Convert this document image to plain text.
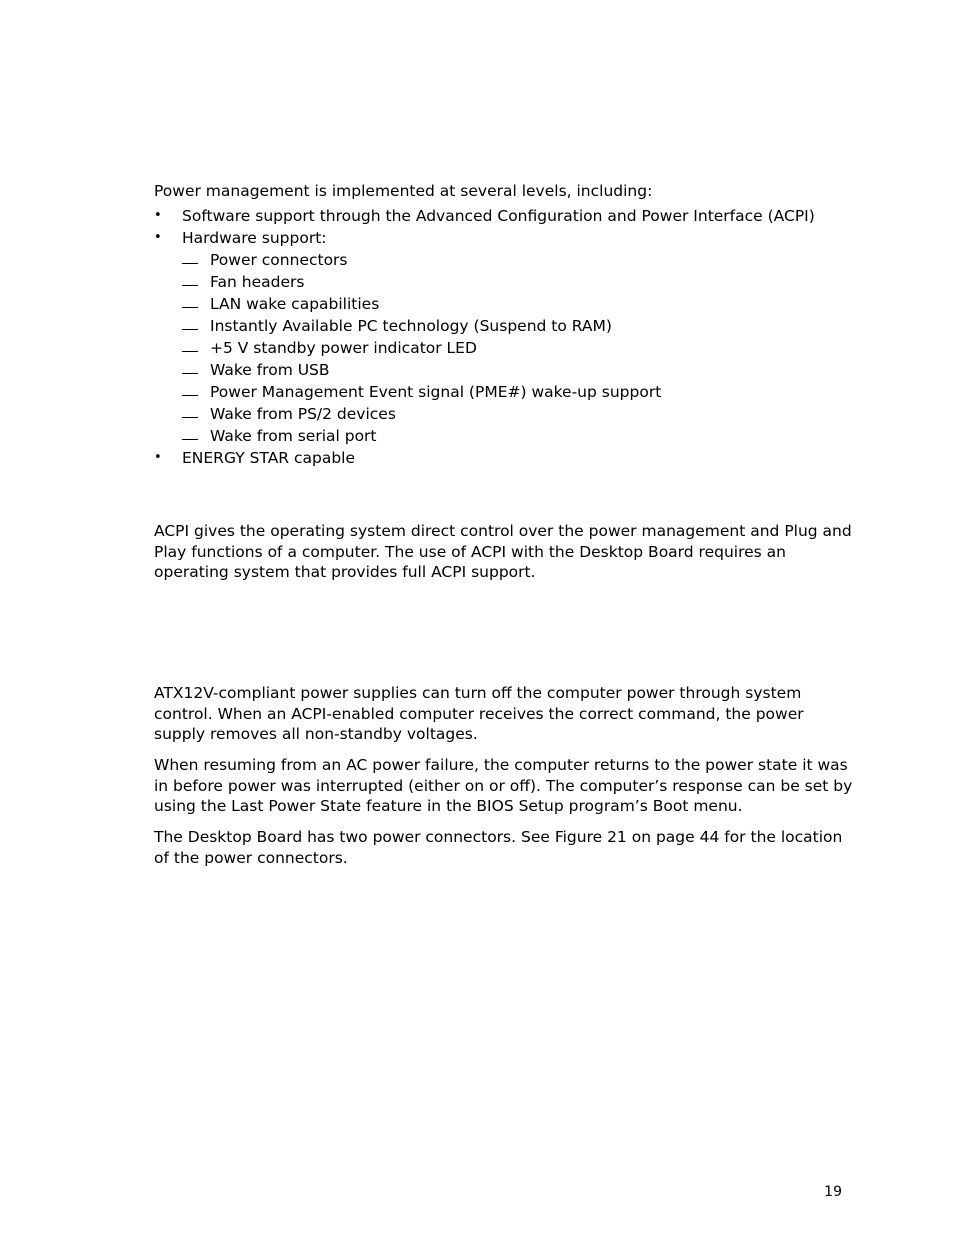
Power management is implemented at several levels, including:

•	Software support through the Advanced Configuration and Power Interface (ACPI)
•	Hardware support:
Power connectors
Fan headers
LAN wake capabilities
Instantly Available PC technology (Suspend to RAM)
+5 V standby power indicator LED
Wake from USB
Power Management Event signal (PME#) wake-up support
Wake from PS/2 devices
Wake from serial port
•	ENERGY STAR capable

ACPI gives the operating system direct control over the power management and Plug and Play functions of a computer. The use of ACPI with the Desktop Board requires an operating system that provides full ACPI support.

ATX12V-compliant power supplies can turn off the computer power through system control. When an ACPI-enabled computer receives the correct command, the power supply removes all non-standby voltages.

When resuming from an AC power failure, the computer returns to the power state it was in before power was interrupted (either on or off). The computer’s response can be set by using the Last Power State feature in the BIOS Setup program’s Boot menu.

The Desktop Board has two power connectors. See Figure 21 on page 44 for the location of the power connectors.

19
